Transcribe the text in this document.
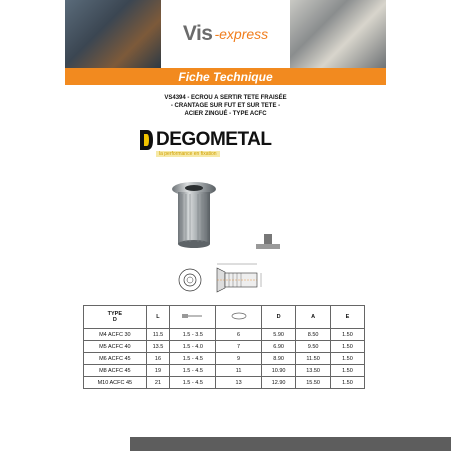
Vis -express
Fiche Technique
VS4394 - ECROU A SERTIR TETE FRAISÉE
- CRANTAGE SUR FUT ET SUR TETE -
ACIER ZINGUÉ - TYPE ACFC
DEGOMETAL
la performance en fixation
TYPE
D	L			D	A	E
M4 ACFC 30	11.5	1.5 - 3.5	6	5.90	8.50	1.50
M5 ACFC 40	13.5	1.5 - 4.0	7	6.90	9.50	1.50
M6 ACFC 45	16	1.5 - 4.5	9	8.90	11.50	1.50
M8 ACFC 45	19	1.5 - 4.5	11	10.90	13.50	1.50
M10 ACFC 45	21	1.5 - 4.5	13	12.90	15.50	1.50
